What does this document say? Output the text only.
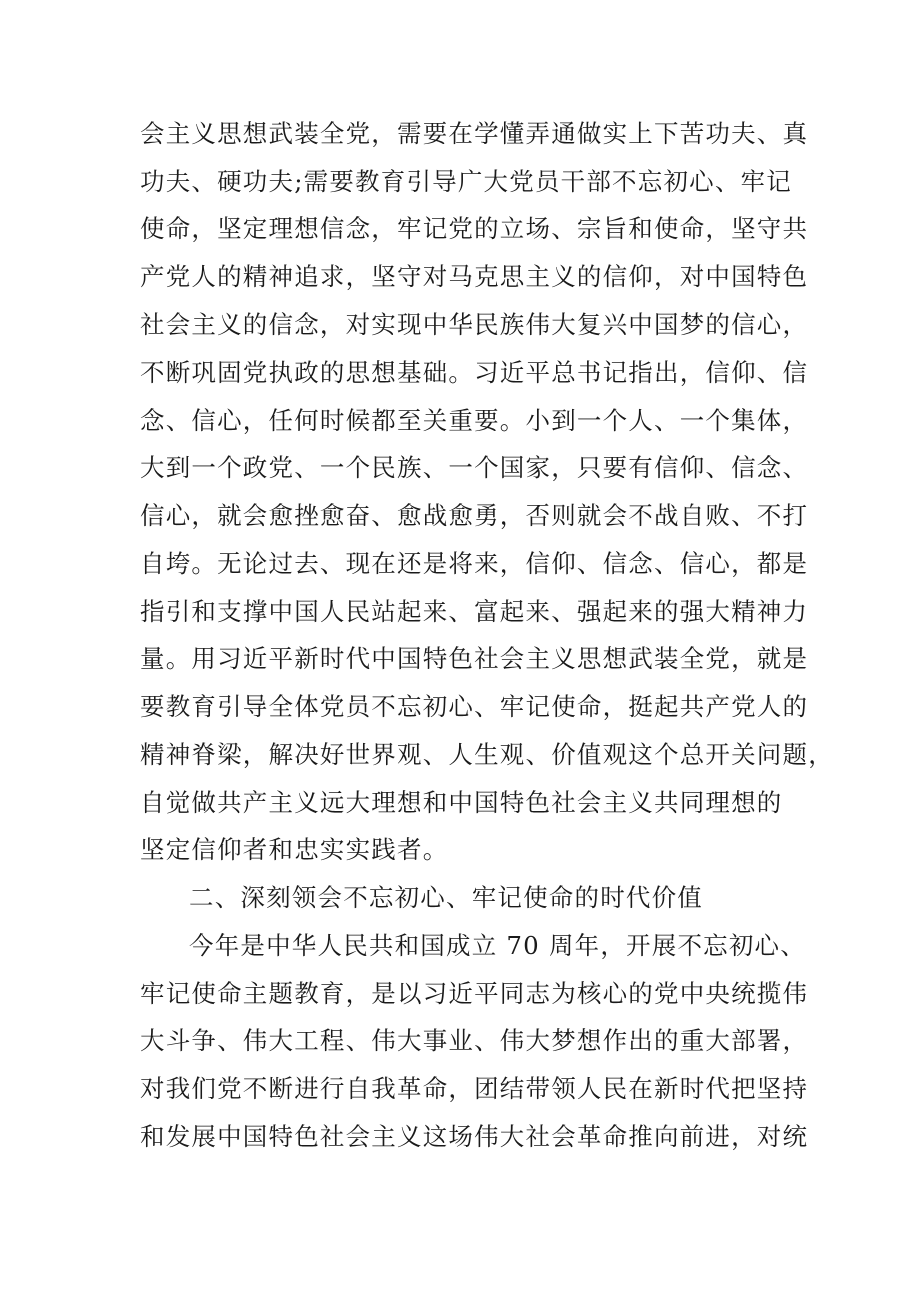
会主义思想武装全党，需要在学懂弄通做实上下苦功夫、真

功夫、硬功夫;需要教育引导广大党员干部不忘初心、牢记

使命，坚定理想信念，牢记党的立场、宗旨和使命，坚守共

产党人的精神追求，坚守对马克思主义的信仰，对中国特色

社会主义的信念，对实现中华民族伟大复兴中国梦的信心，

不断巩固党执政的思想基础。习近平总书记指出，信仰、信

念、信心，任何时候都至关重要。小到一个人、一个集体，

大到一个政党、一个民族、一个国家，只要有信仰、信念、

信心，就会愈挫愈奋、愈战愈勇，否则就会不战自败、不打

自垮。无论过去、现在还是将来，信仰、信念、信心，都是

指引和支撑中国人民站起来、富起来、强起来的强大精神力

量。用习近平新时代中国特色社会主义思想武装全党，就是

要教育引导全体党员不忘初心、牢记使命，挺起共产党人的

精神脊梁，解决好世界观、人生观、价值观这个总开关问题，

自觉做共产主义远大理想和中国特色社会主义共同理想的

坚定信仰者和忠实实践者。

二、深刻领会不忘初心、牢记使命的时代价值

今年是中华人民共和国成立 70 周年，开展不忘初心、

牢记使命主题教育，是以习近平同志为核心的党中央统揽伟

大斗争、伟大工程、伟大事业、伟大梦想作出的重大部署，

对我们党不断进行自我革命，团结带领人民在新时代把坚持

和发展中国特色社会主义这场伟大社会革命推向前进，对统
